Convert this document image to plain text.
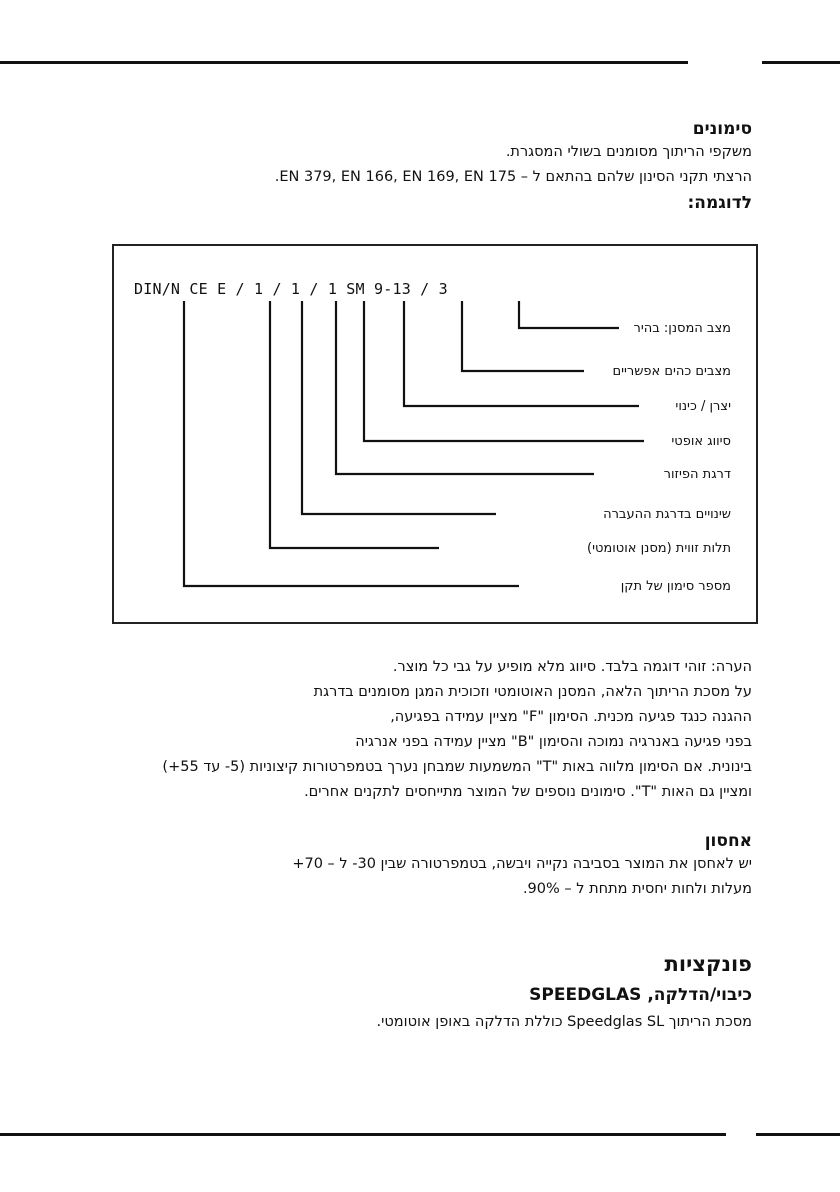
סימונים
משקפי הריתוך מסומנים בשולי המסגרת.
הרצתי תקני הסינון שלהם בהתאם ל – EN 379, EN 166, EN 169, EN 175.
לדוגמה:
DIN/N CE E / 1 / 1 / 1 SM 9-13 / 3
מצב המסנן: בהיר
מצבים כהים אפשריים
יצרן / כינוי
סיווג אופטי
דרגת הפיזור
שינויים בדרגת ההעברה
תלות זווית (מסנן אוטומטי)
מספר סימון של תקן
הערה: זוהי דוגמה בלבד. סיווג מלא מופיע על גבי כל מוצר.
על מסכת הריתוך הלאה, המסנן האוטומטי וזכוכית המגן מסומנים בדרגת
ההגנה כנגד פגיעה מכנית. הסימון "F" מציין עמידה בפגיעה,
בפני פגיעה באנרגיה נמוכה והסימון "B" מציין עמידה בפני אנרגיה
בינונית. אם הסימון מלווה באות "T" המשמעות שמבחן נערך בטמפרטורות קיצוניות (5- עד 55+)
ומציין גם האות "T". סימונים נוספים של המוצר מתייחסים לתקנים אחרים.
אחסון
יש לאחסן את המוצר בסביבה נקייה ויבשה, בטמפרטורה שבין 30- ל – 70+
מעלות ולחות יחסית מתחת ל – 90%.
פונקציות
כיבוי/הדלקה, SPEEDGLAS
מסכת הריתוך Speedglas SL כוללת הדלקה באופן אוטומטי.
